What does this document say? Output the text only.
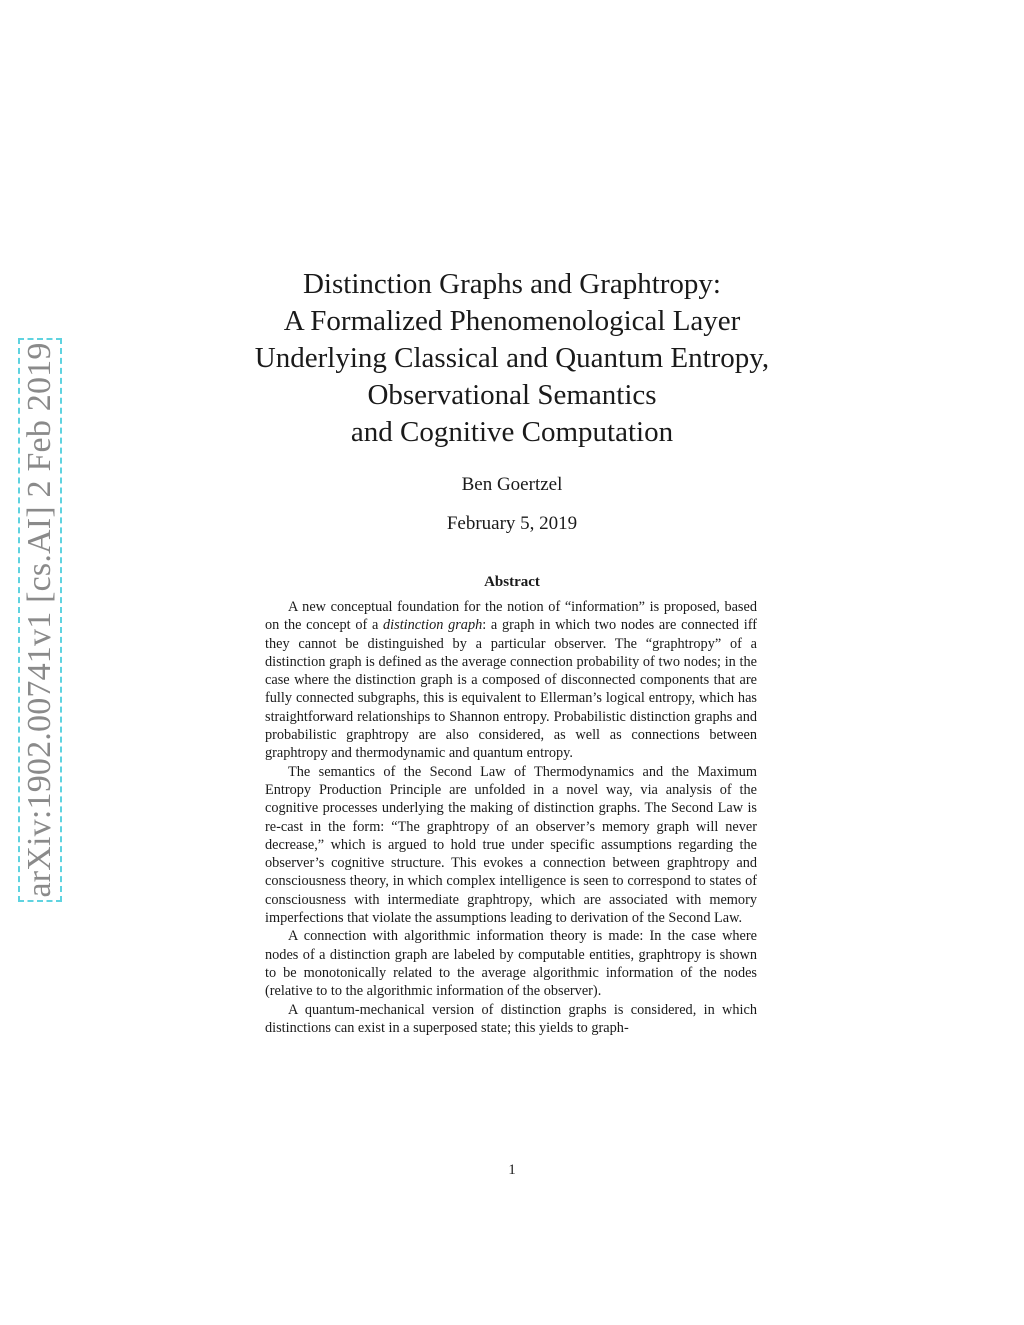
arXiv:1902.00741v1 [cs.AI] 2 Feb 2019
Distinction Graphs and Graphtropy:
A Formalized Phenomenological Layer
Underlying Classical and Quantum Entropy,
Observational Semantics
and Cognitive Computation
Ben Goertzel
February 5, 2019
Abstract

A new conceptual foundation for the notion of “information” is proposed, based on the concept of a distinction graph: a graph in which two nodes are connected iff they cannot be distinguished by a particular observer. The “graphtropy” of a distinction graph is defined as the average connection probability of two nodes; in the case where the distinction graph is a composed of disconnected components that are fully connected subgraphs, this is equivalent to Ellerman’s logical entropy, which has straightforward relationships to Shannon entropy. Probabilistic distinction graphs and probabilistic graphtropy are also considered, as well as connections between graphtropy and thermodynamic and quantum entropy.

The semantics of the Second Law of Thermodynamics and the Maximum Entropy Production Principle are unfolded in a novel way, via analysis of the cognitive processes underlying the making of distinction graphs. The Second Law is re-cast in the form: “The graphtropy of an observer’s memory graph will never decrease,” which is argued to hold true under specific assumptions regarding the observer’s cognitive structure. This evokes a connection between graphtropy and consciousness theory, in which complex intelligence is seen to correspond to states of consciousness with intermediate graphtropy, which are associated with memory imperfections that violate the assumptions leading to derivation of the Second Law.

A connection with algorithmic information theory is made: In the case where nodes of a distinction graph are labeled by computable entities, graphtropy is shown to be monotonically related to the average algorithmic information of the nodes (relative to to the algorithmic information of the observer).

A quantum-mechanical version of distinction graphs is considered, in which distinctions can exist in a superposed state; this yields to graph-

1
